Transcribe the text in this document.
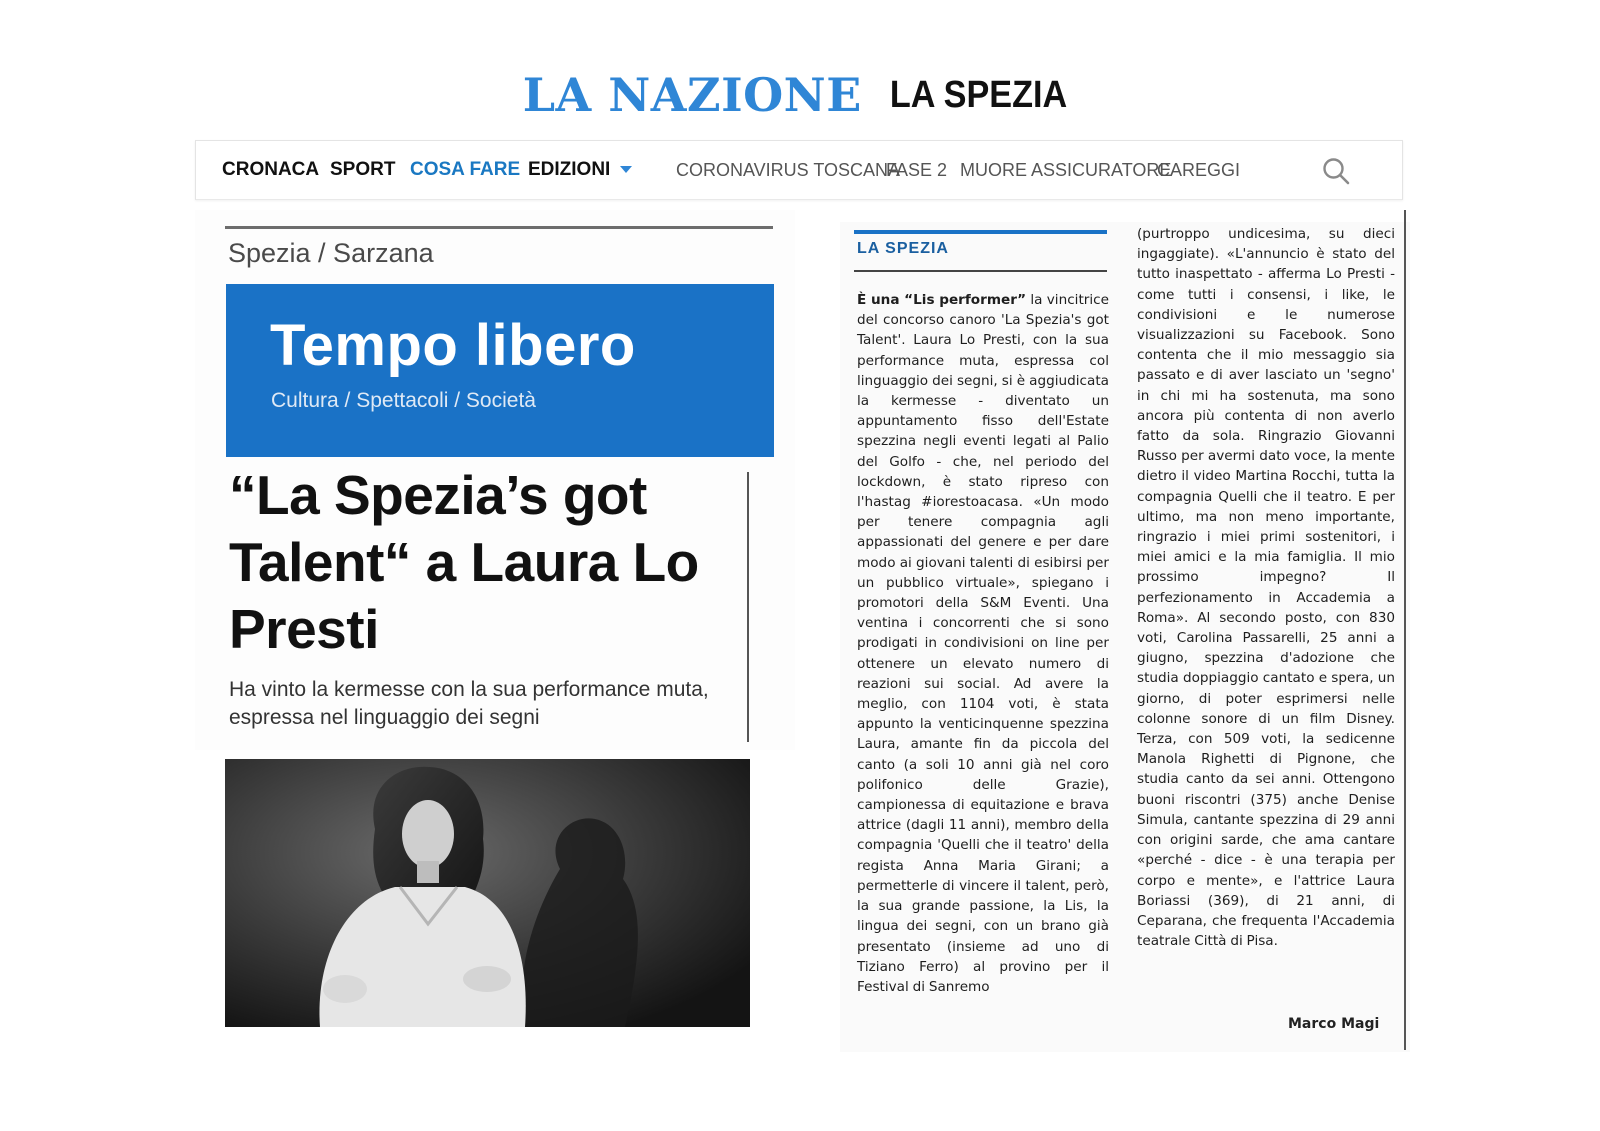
LA NAZIONE LA SPEZIA
CRONACA SPORT COSA FARE EDIZIONI	CORONAVIRUS TOSCANA
FASE 2 MUORE ASSICURATORE
CAREGGI
Spezia / Sarzana
Tempo libero
Cultura / Spettacoli / Società
“La Spezia’s got Talent“ a Laura Lo Presti
Ha vinto la kermesse con la sua performance muta, espressa nel linguaggio dei segni
LA SPEZIA
È una “Lis performer” la vincitrice del concorso canoro 'La Spezia's got Talent'. Laura Lo Presti, con la sua performance muta, espressa col linguaggio dei segni, si è aggiudicata la kermesse - diventato un appuntamento fisso dell'Estate spezzina negli eventi legati al Palio del Golfo - che, nel periodo del lockdown, è stato ripreso con l'hastag #iorestoacasa. «Un modo per tenere compagnia agli appassionati del genere e per dare modo ai giovani talenti di esibirsi per un pubblico virtuale», spiegano i promotori della S&M Eventi. Una ventina i concorrenti che si sono prodigati in condivisioni on line per ottenere un elevato numero di reazioni sui social. Ad avere la meglio, con 1104 voti, è stata appunto la venticinquenne spezzina Laura, amante fin da piccola del canto (a soli 10 anni già nel coro polifonico delle Grazie), campionessa di equitazione e brava attrice (dagli 11 anni), membro della compagnia 'Quelli che il teatro' della regista Anna Maria Girani; a permetterle di vincere il talent, però, la sua grande passione, la Lis, la lingua dei segni, con un brano già presentato (insieme ad uno di Tiziano Ferro) al provino per il Festival di Sanremo
(purtroppo undicesima, su dieci ingaggiate). «L'annuncio è stato del tutto inaspettato - afferma Lo Presti - come tutti i consensi, i like, le condivisioni e le numerose visualizzazioni su Facebook. Sono contenta che il mio messaggio sia passato e di aver lasciato un 'segno' in chi mi ha sostenuta, ma sono ancora più contenta di non averlo fatto da sola. Ringrazio Giovanni Russo per avermi dato voce, la mente dietro il video Martina Rocchi, tutta la compagnia Quelli che il teatro. E per ultimo, ma non meno importante, ringrazio i miei primi sostenitori, i miei amici e la mia famiglia. Il mio prossimo impegno? Il perfezionamento in Accademia a Roma». Al secondo posto, con 830 voti, Carolina Passarelli, 25 anni a giugno, spezzina d'adozione che studia doppiaggio cantato e spera, un giorno, di poter esprimersi nelle colonne sonore di un film Disney. Terza, con 509 voti, la sedicenne Manola Righetti di Pignone, che studia canto da sei anni. Ottengono buoni riscontri (375) anche Denise Simula, cantante spezzina di 29 anni con origini sarde, che ama cantare «perché - dice - è una terapia per corpo e mente», e l'attrice Laura Boriassi (369), di 21 anni, di Ceparana, che frequenta l'Accademia teatrale Città di Pisa.
Marco Magi
